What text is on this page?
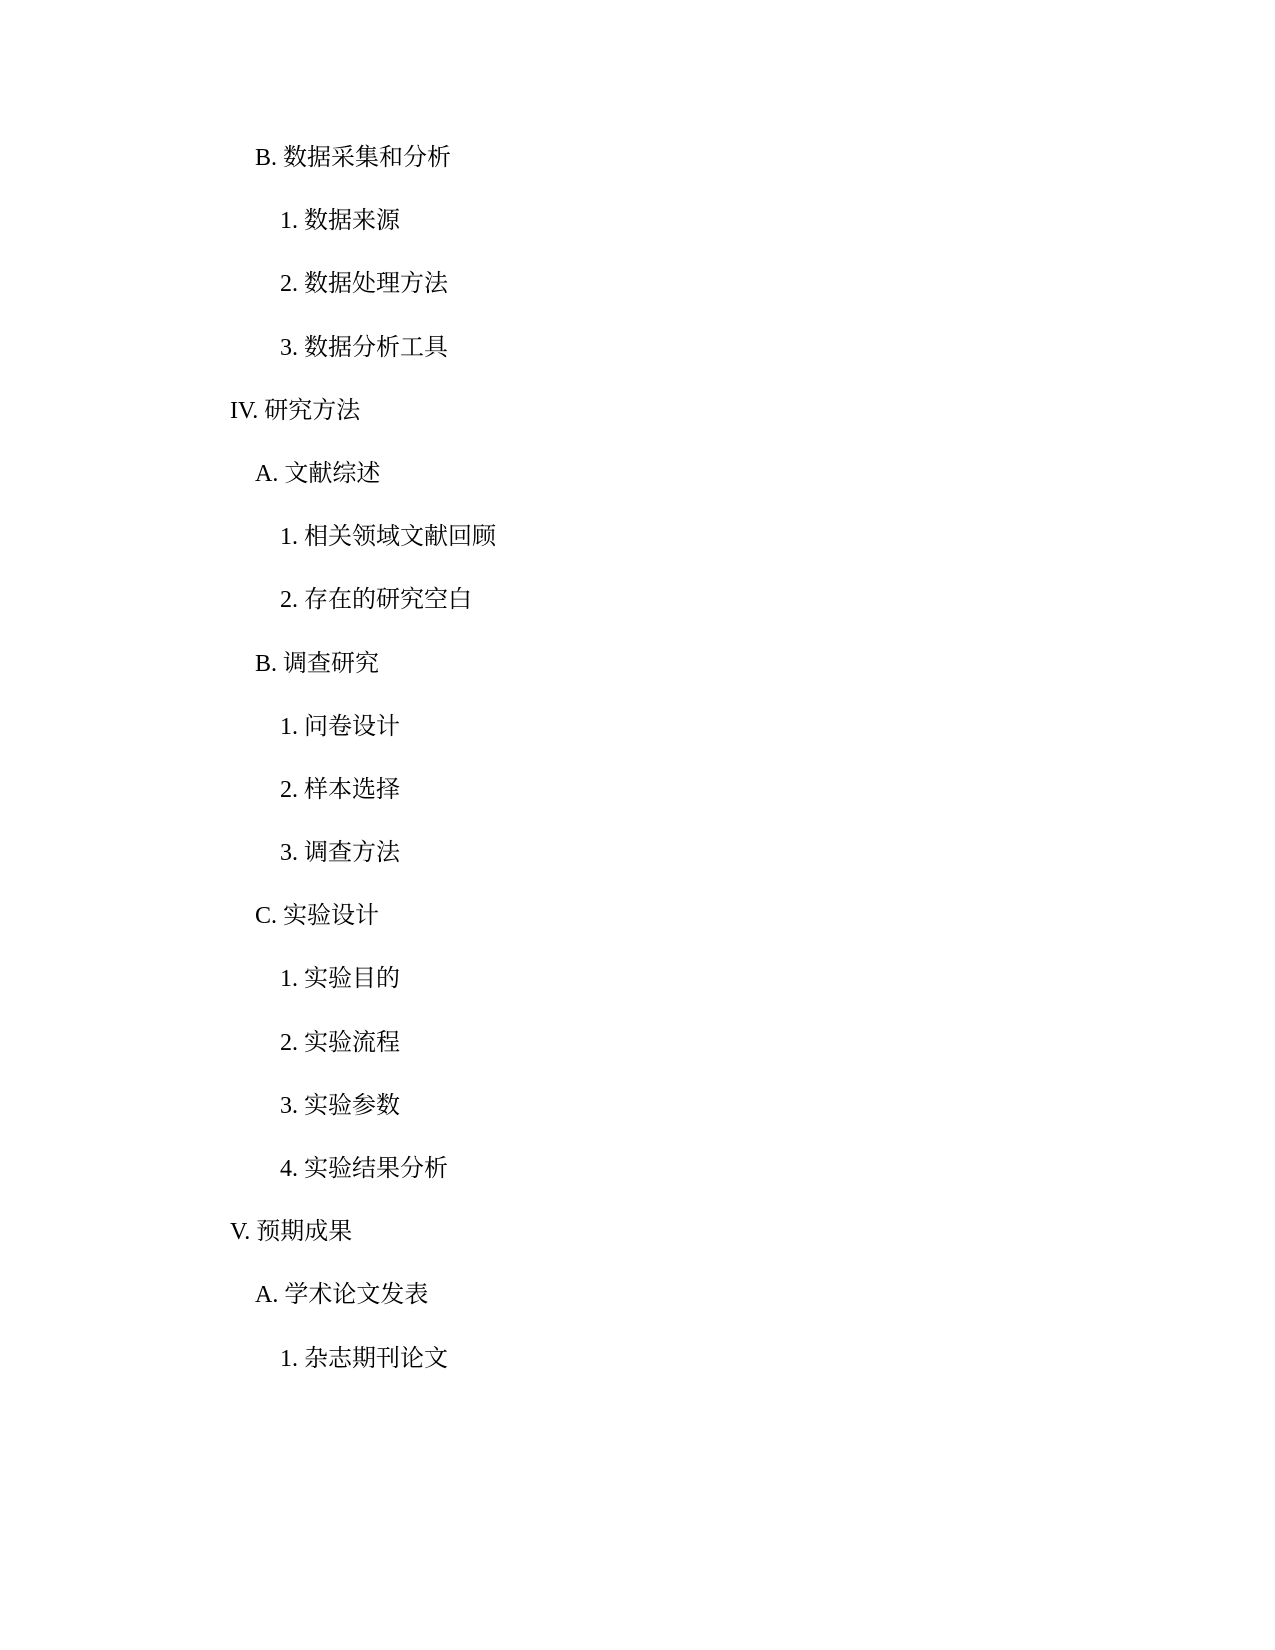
B. 数据采集和分析
1. 数据来源
2. 数据处理方法
3. 数据分析工具
IV. 研究方法
A. 文献综述
1. 相关领域文献回顾
2. 存在的研究空白
B. 调查研究
1. 问卷设计
2. 样本选择
3. 调查方法
C. 实验设计
1. 实验目的
2. 实验流程
3. 实验参数
4. 实验结果分析
V. 预期成果
A. 学术论文发表
1. 杂志期刊论文
